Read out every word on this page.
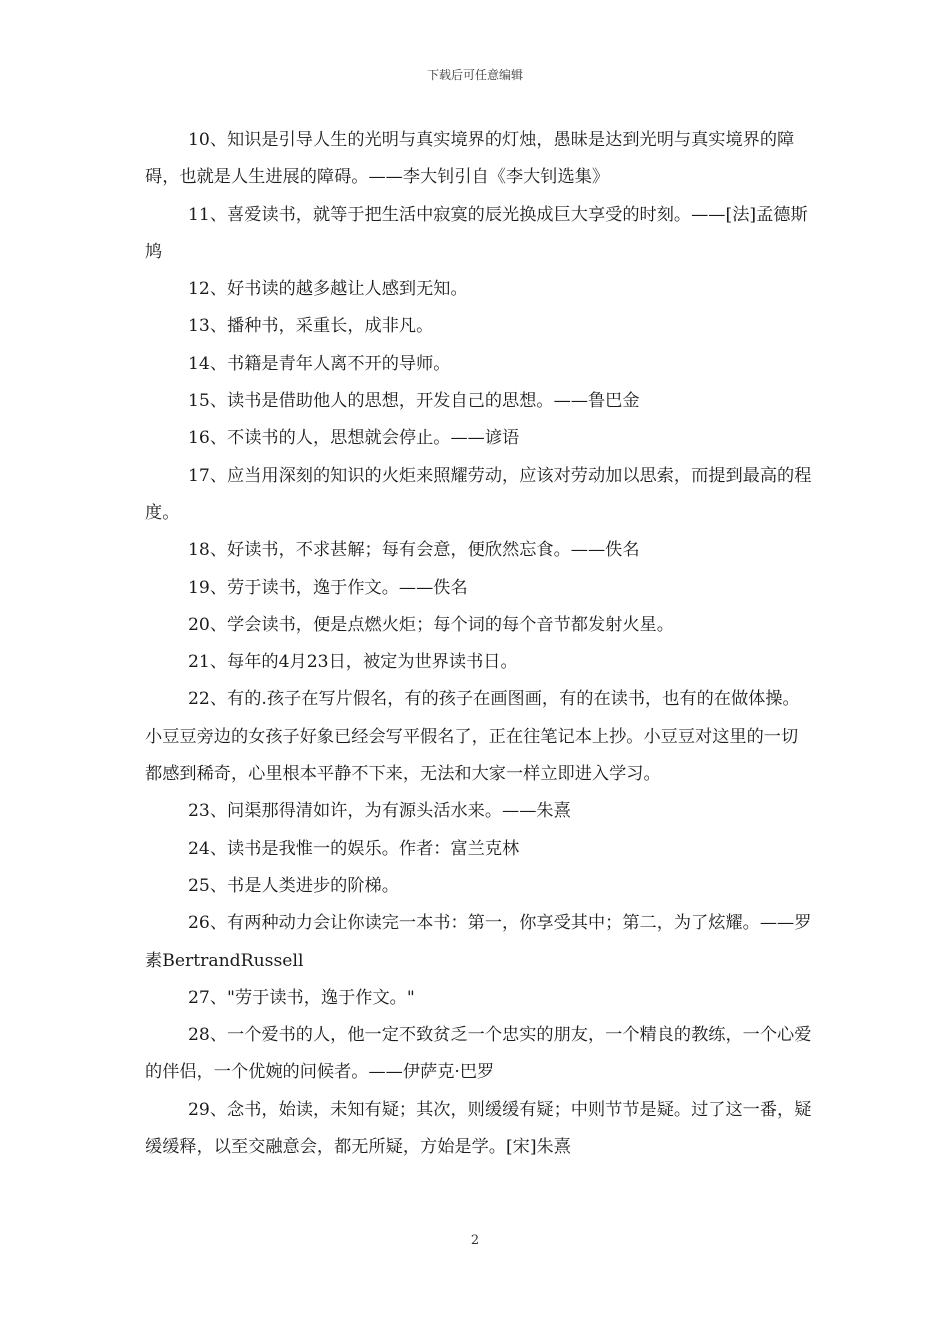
下载后可任意编辑

10、知识是引导人生的光明与真实境界的灯烛，愚昧是达到光明与真实境界的障碍，也就是人生进展的障碍。——李大钊引自《李大钊选集》

11、喜爱读书，就等于把生活中寂寞的辰光换成巨大享受的时刻。——[法]孟德斯鸠

12、好书读的越多越让人感到无知。

13、播种书，采重长，成非凡。

14、书籍是青年人离不开的导师。

15、读书是借助他人的思想，开发自己的思想。——鲁巴金

16、不读书的人，思想就会停止。——谚语

17、应当用深刻的知识的火炬来照耀劳动，应该对劳动加以思索，而提到最高的程度。

18、好读书，不求甚解；每有会意，便欣然忘食。——佚名

19、劳于读书，逸于作文。——佚名

20、学会读书，便是点燃火炬；每个词的每个音节都发射火星。

21、每年的4月23日，被定为世界读书日。

22、有的.孩子在写片假名，有的孩子在画图画，有的在读书，也有的在做体操。小豆豆旁边的女孩子好象已经会写平假名了，正在往笔记本上抄。小豆豆对这里的一切都感到稀奇，心里根本平静不下来，无法和大家一样立即进入学习。

23、问渠那得清如许，为有源头活水来。——朱熹

24、读书是我惟一的娱乐。作者：富兰克林

25、书是人类进步的阶梯。

26、有两种动力会让你读完一本书：第一，你享受其中；第二，为了炫耀。——罗素BertrandRussell

27、"劳于读书，逸于作文。"

28、一个爱书的人，他一定不致贫乏一个忠实的朋友，一个精良的教练，一个心爱的伴侣，一个优婉的问候者。——伊萨克·巴罗

29、念书，始读，未知有疑；其次，则缓缓有疑；中则节节是疑。过了这一番，疑缓缓释，以至交融意会，都无所疑，方始是学。[宋]朱熹

2
